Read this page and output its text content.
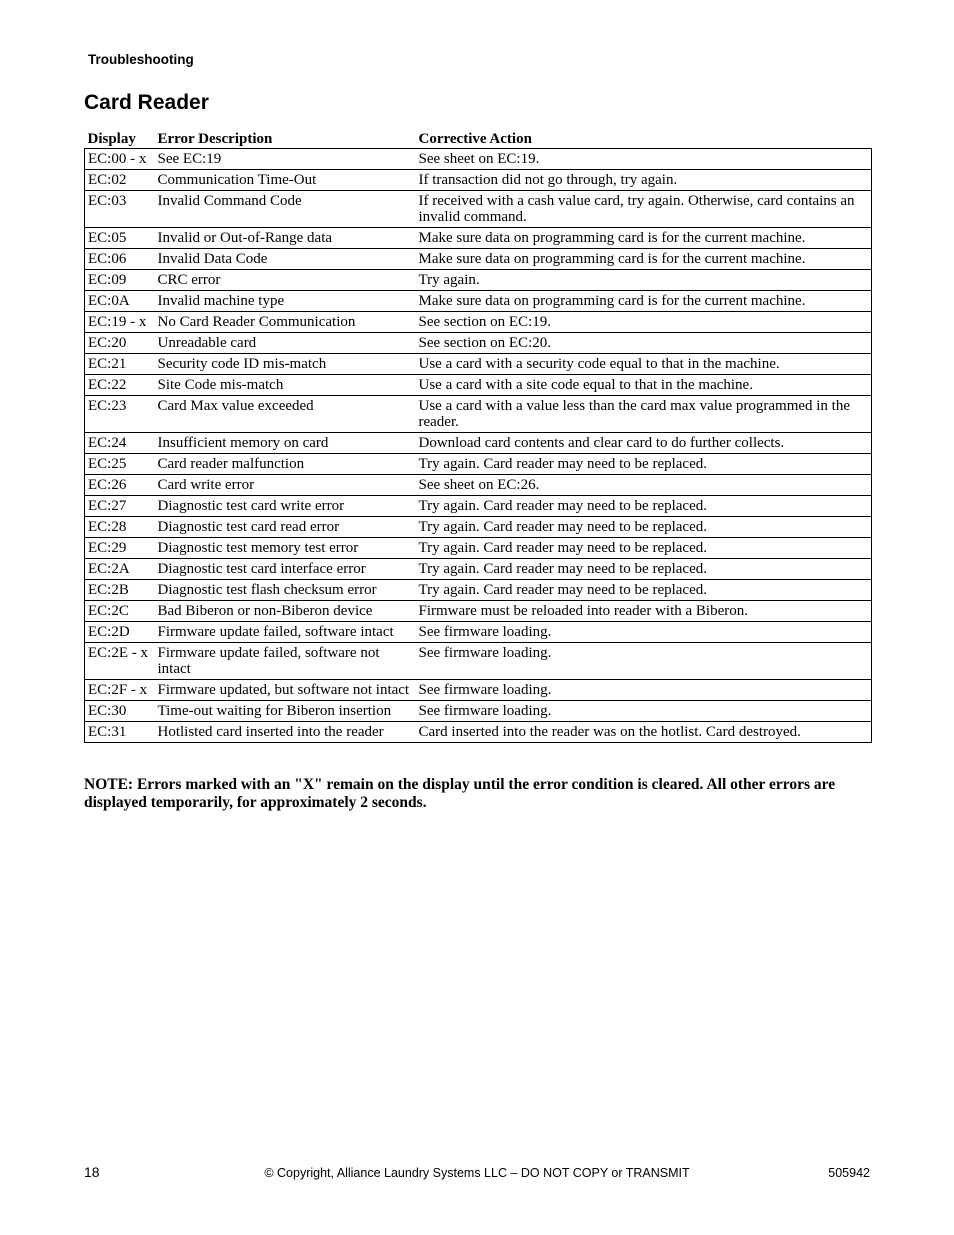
Troubleshooting
Card Reader
Display	Error Description	Corrective Action
EC:00 - x	See EC:19	See sheet on EC:19.
EC:02	Communication Time-Out	If transaction did not go through, try again.
EC:03	Invalid Command Code	If received with a cash value card, try again. Otherwise, card contains an invalid command.
EC:05	Invalid or Out-of-Range data	Make sure data on programming card is for the current machine.
EC:06	Invalid Data Code	Make sure data on programming card is for the current machine.
EC:09	CRC error	Try again.
EC:0A	Invalid machine type	Make sure data on programming card is for the current machine.
EC:19 - x	No Card Reader Communication	See section on EC:19.
EC:20	Unreadable card	See section on EC:20.
EC:21	Security code ID mis-match	Use a card with a security code equal to that in the machine.
EC:22	Site Code mis-match	Use a card with a site code equal to that in the machine.
EC:23	Card Max value exceeded	Use a card with a value less than the card max value programmed in the reader.
EC:24	Insufficient memory on card	Download card contents and clear card to do further collects.
EC:25	Card reader malfunction	Try again. Card reader may need to be replaced.
EC:26	Card write error	See sheet on EC:26.
EC:27	Diagnostic test card write error	Try again. Card reader may need to be replaced.
EC:28	Diagnostic test card read error	Try again. Card reader may need to be replaced.
EC:29	Diagnostic test memory test error	Try again. Card reader may need to be replaced.
EC:2A	Diagnostic test card interface error	Try again. Card reader may need to be replaced.
EC:2B	Diagnostic test flash checksum error	Try again. Card reader may need to be replaced.
EC:2C	Bad Biberon or non-Biberon device	Firmware must be reloaded into reader with a Biberon.
EC:2D	Firmware update failed, software intact	See firmware loading.
EC:2E - x	Firmware update failed, software not intact	See firmware loading.
EC:2F - x	Firmware updated, but software not intact	See firmware loading.
EC:30	Time-out waiting for Biberon insertion	See firmware loading.
EC:31	Hotlisted card inserted into the reader	Card inserted into the reader was on the hotlist. Card destroyed.
NOTE: Errors marked with an "X" remain on the display until the error condition is cleared. All other errors are displayed temporarily, for approximately 2 seconds.
18	© Copyright, Alliance Laundry Systems LLC – DO NOT COPY or TRANSMIT	505942
